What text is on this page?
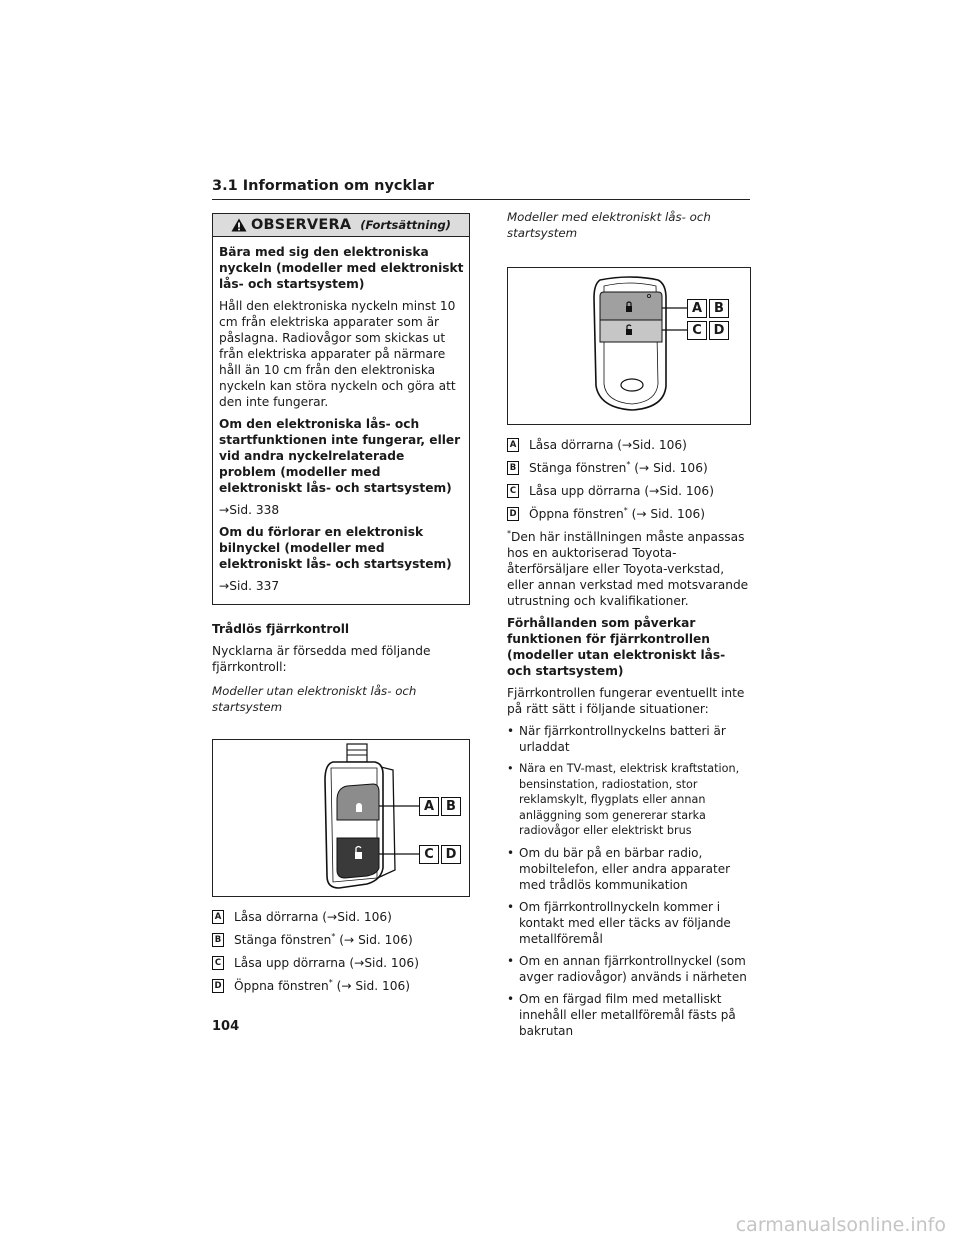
3.1 Information om nycklar
OBSERVERA (Fortsättning)
Bära med sig den elektroniska nyckeln (modeller med elektroniskt lås- och startsystem)
Håll den elektroniska nyckeln minst 10 cm från elektriska apparater som är påslagna. Radiovågor som skickas ut från elektriska apparater på närmare håll än 10 cm från den elektroniska nyckeln kan störa nyckeln och göra att den inte fungerar.
Om den elektroniska lås- och startfunktionen inte fungerar, eller vid andra nyckelrelaterade problem (modeller med elektroniskt lås- och startsystem)
→Sid. 338
Om du förlorar en elektronisk bilnyckel (modeller med elektroniskt lås- och startsystem)
→Sid. 337
Trådlös fjärrkontroll
Nycklarna är försedda med följande fjärrkontroll:
Modeller utan elektroniskt lås- och startsystem
A B
C D
A Låsa dörrarna (→Sid. 106)
B Stänga fönstren* (→ Sid. 106)
C Låsa upp dörrarna (→Sid. 106)
D Öppna fönstren* (→ Sid. 106)
Modeller med elektroniskt lås- och startsystem
A B
C D
A Låsa dörrarna (→Sid. 106)
B Stänga fönstren* (→ Sid. 106)
C Låsa upp dörrarna (→Sid. 106)
D Öppna fönstren* (→ Sid. 106)
*Den här inställningen måste anpassas hos en auktoriserad Toyota-återförsäljare eller Toyota-verkstad, eller annan verkstad med motsvarande utrustning och kvalifikationer.
Förhållanden som påverkar funktionen för fjärrkontrollen (modeller utan elektroniskt lås- och startsystem)
Fjärrkontrollen fungerar eventuellt inte på rätt sätt i följande situationer:
• När fjärrkontrollnyckelns batteri är urladdat
• Nära en TV-mast, elektrisk kraftstation, bensinstation, radiostation, stor reklamskylt, flygplats eller annan anläggning som genererar starka radiovågor eller elektriskt brus
• Om du bär på en bärbar radio, mobiltelefon, eller andra apparater med trådlös kommunikation
• Om fjärrkontrollnyckeln kommer i kontakt med eller täcks av följande metallföremål
• Om en annan fjärrkontrollnyckel (som avger radiovågor) används i närheten
• Om en färgad film med metalliskt innehåll eller metallföremål fästs på bakrutan
104
carmanualsonline.info
